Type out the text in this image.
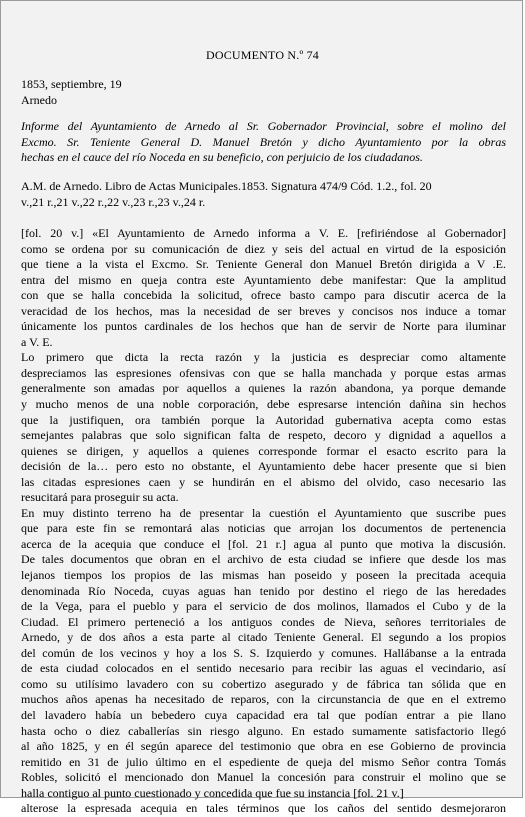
DOCUMENTO N.º 74

1853, septiembre, 19

Arnedo

Informe del Ayuntamiento de Arnedo al Sr. Gobernador Provincial, sobre el molino del
Excmo. Sr. Teniente General D. Manuel Bretón y dicho Ayuntamiento por la obras
hechas en el cauce del río Noceda en su beneficio, con perjuicio de los ciudadanos.
A.M. de Arnedo. Libro de Actas Municipales.1853. Signatura 474/9 Cód. 1.2., fol. 20
v.,21 r.,21 v.,22 r.,22 v.,23 r.,23 v.,24 r.
[fol. 20 v.] «El Ayuntamiento de Arnedo informa a V. E. [refiriéndose al Gobernador]
como se ordena por su comunicación de diez y seis del actual en virtud de la esposición
que tiene a la vista el Excmo. Sr. Teniente General don Manuel Bretón dirigida a V .E.
entra del mismo en queja contra este Ayuntamiento debe manifestar: Que la amplitud
con que se halla concebida la solicitud, ofrece basto campo para discutir acerca de la
veracidad de los hechos, mas la necesidad de ser breves y concisos nos induce a tomar
únicamente los puntos cardinales de los hechos que han de servir de Norte para iluminar
a V. E.
Lo primero que dicta la recta razón y la justicia es despreciar como altamente
despreciamos las espresiones ofensivas con que se halla manchada y porque estas armas
generalmente son amadas por aquellos a quienes la razón abandona, ya porque demande
y mucho menos de una noble corporación, debe espresarse intención dañina sin hechos
que la justifiquen, ora también porque la Autoridad gubernativa acepta como estas
semejantes palabras que solo significan falta de respeto, decoro y dignidad a aquellos a
quienes se dirigen, y aquellos a quienes corresponde formar el esacto escrito para la
decisión de la… pero esto no obstante, el Ayuntamiento debe hacer presente que si bien
las citadas espresiones caen y se hundirán en el abismo del olvido, caso necesario las
resucitará para proseguir su acta.
En muy distinto terreno ha de presentar la cuestión el Ayuntamiento que suscribe pues
que para este fin se remontará alas noticias que arrojan los documentos de pertenencia
acerca de la acequia que conduce el [fol. 21 r.] agua al punto que motiva la discusión.
De tales documentos que obran en el archivo de esta ciudad se infiere que desde los mas
lejanos tiempos los propios de las mismas han poseido y poseen la precitada acequia
denominada Río Noceda, cuyas aguas han tenido por destino el riego de las heredades
de la Vega, para el pueblo y para el servicio de dos molinos, llamados el Cubo y de la
Ciudad. El primero perteneció a los antiguos condes de Nieva, señores territoriales de
Arnedo, y de dos años a esta parte al citado Teniente General. El segundo a los propios
del común de los vecinos y hoy a los S. S. Izquierdo y comunes. Hallábanse a la entrada
de esta ciudad colocados en el sentido necesario para recibir las aguas el vecindario, así
como su utilísimo lavadero con su cobertizo asegurado y de fábrica tan sólida que en
muchos años apenas ha necesitado de reparos, con la circunstancia de que en el extremo
del lavadero había un bebedero cuya capacidad era tal que podían entrar a pie llano
hasta ocho o diez caballerías sin riesgo alguno. En estado sumamente satisfactorio llegó
al año 1825, y en él según aparece del testimonio que obra en ese Gobierno de provincia
remitido en 31 de julio último en el espediente de queja del mismo Señor contra Tomás
Robles, solicitó el mencionado don Manuel la concesión para construir el molino que se
halla contiguo al punto cuestionado y concedida que fue su instancia [fol. 21 v.]
alterose la espresada acequia en tales términos que los caños del sentido desmejoraron
